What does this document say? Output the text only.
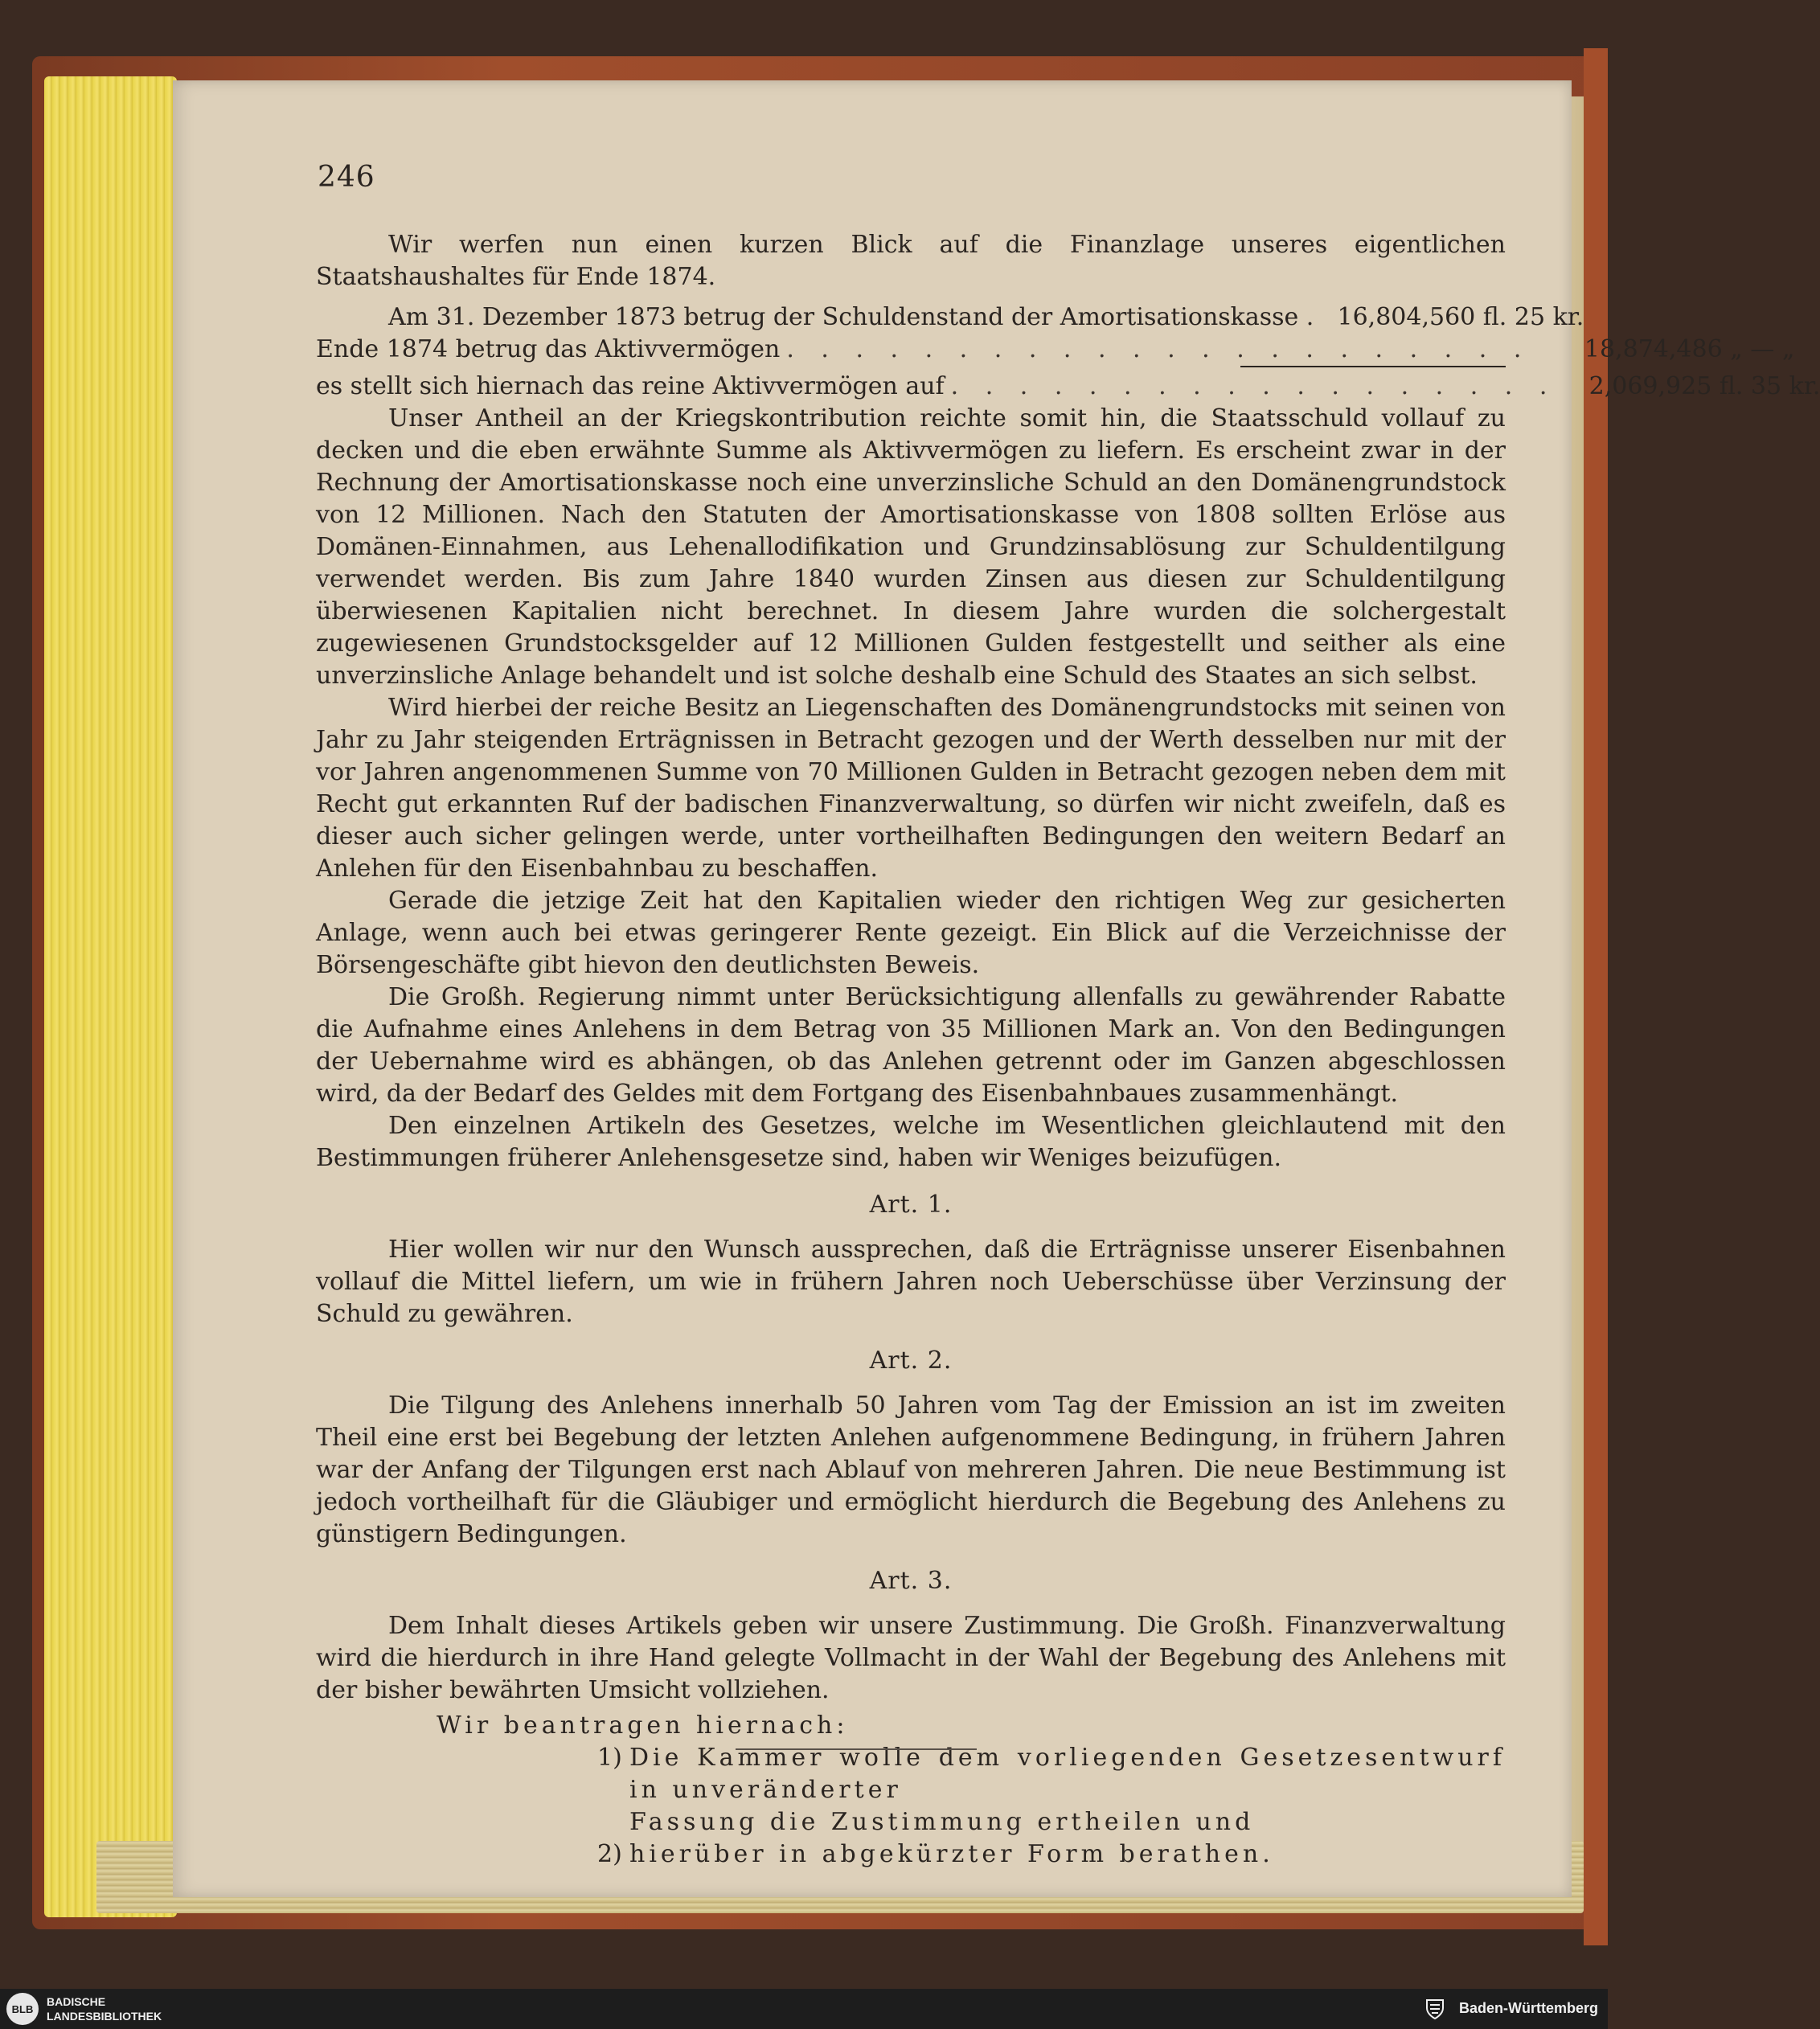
246

Wir werfen nun einen kurzen Blick auf die Finanzlage unseres eigentlichen Staatshaushaltes für Ende 1874.

Am 31. Dezember 1873 betrug der Schuldenstand der Amortisationskasse . 16,804,560 fl. 25 kr.
Ende 1874 betrug das Aktivvermögen . . . . . . . . . . . . . . . . . . . . . .	18,874,486 „ — „
es stellt sich hiernach das reine Aktivvermögen auf . . . . . . . . . . . . . . . . . .	2,069,925 fl. 35 kr.

Unser Antheil an der Kriegskontribution reichte somit hin, die Staatsschuld vollauf zu decken und die eben erwähnte Summe als Aktivvermögen zu liefern. Es erscheint zwar in der Rechnung der Amortisationskasse noch eine unverzinsliche Schuld an den Domänengrundstock von 12 Millionen. Nach den Statuten der Amortisationskasse von 1808 sollten Erlöse aus Domänen-Einnahmen, aus Lehenallodifikation und Grundzinsablösung zur Schuldentilgung verwendet werden. Bis zum Jahre 1840 wurden Zinsen aus diesen zur Schuldentilgung überwiesenen Kapitalien nicht berechnet. In diesem Jahre wurden die solchergestalt zugewiesenen Grundstocksgelder auf 12 Millionen Gulden festgestellt und seither als eine unverzinsliche Anlage behandelt und ist solche deshalb eine Schuld des Staates an sich selbst.

Wird hierbei der reiche Besitz an Liegenschaften des Domänengrundstocks mit seinen von Jahr zu Jahr steigenden Erträgnissen in Betracht gezogen und der Werth desselben nur mit der vor Jahren angenommenen Summe von 70 Millionen Gulden in Betracht gezogen neben dem mit Recht gut erkannten Ruf der badischen Finanzverwaltung, so dürfen wir nicht zweifeln, daß es dieser auch sicher gelingen werde, unter vortheilhaften Bedingungen den weitern Bedarf an Anlehen für den Eisenbahnbau zu beschaffen.

Gerade die jetzige Zeit hat den Kapitalien wieder den richtigen Weg zur gesicherten Anlage, wenn auch bei etwas geringerer Rente gezeigt. Ein Blick auf die Verzeichnisse der Börsengeschäfte gibt hievon den deutlichsten Beweis.

Die Großh. Regierung nimmt unter Berücksichtigung allenfalls zu gewährender Rabatte die Aufnahme eines Anlehens in dem Betrag von 35 Millionen Mark an. Von den Bedingungen der Uebernahme wird es abhängen, ob das Anlehen getrennt oder im Ganzen abgeschlossen wird, da der Bedarf des Geldes mit dem Fortgang des Eisenbahnbaues zusammenhängt.

Den einzelnen Artikeln des Gesetzes, welche im Wesentlichen gleichlautend mit den Bestimmungen früherer Anlehensgesetze sind, haben wir Weniges beizufügen.

Art. 1.

Hier wollen wir nur den Wunsch aussprechen, daß die Erträgnisse unserer Eisenbahnen vollauf die Mittel liefern, um wie in frühern Jahren noch Ueberschüsse über Verzinsung der Schuld zu gewähren.

Art. 2.

Die Tilgung des Anlehens innerhalb 50 Jahren vom Tag der Emission an ist im zweiten Theil eine erst bei Begebung der letzten Anlehen aufgenommene Bedingung, in frühern Jahren war der Anfang der Tilgungen erst nach Ablauf von mehreren Jahren. Die neue Bestimmung ist jedoch vortheilhaft für die Gläubiger und ermöglicht hierdurch die Begebung des Anlehens zu günstigern Bedingungen.

Art. 3.

Dem Inhalt dieses Artikels geben wir unsere Zustimmung. Die Großh. Finanzverwaltung wird die hierdurch in ihre Hand gelegte Vollmacht in der Wahl der Begebung des Anlehens mit der bisher bewährten Umsicht vollziehen.

Wir beantragen hiernach:
1) Die Kammer wolle dem vorliegenden Gesetzesentwurf in unveränderter
Fassung die Zustimmung ertheilen und
2) hierüber in abgekürzter Form berathen.
BLB
BADISCHE
LANDESBIBLIOTHEK	Baden-Württemberg
